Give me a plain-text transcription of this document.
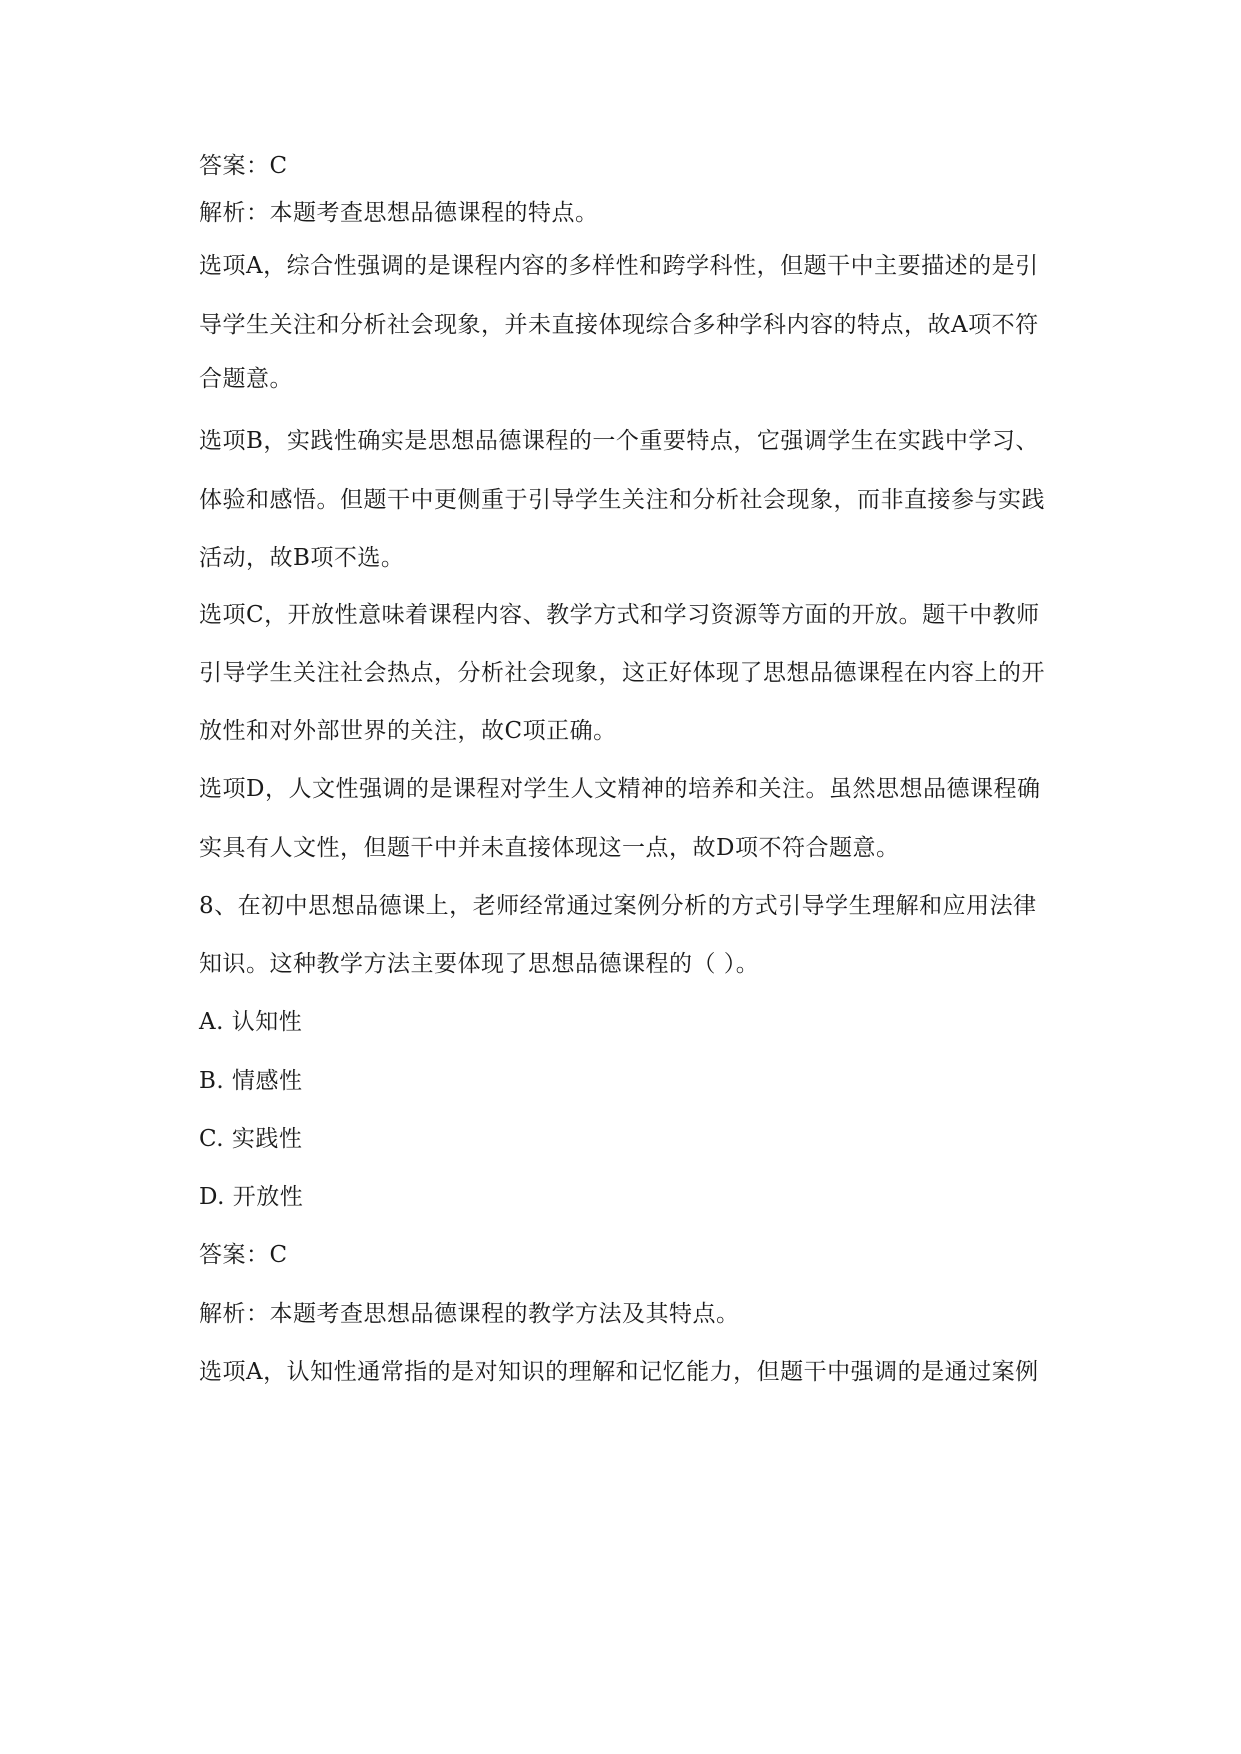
答案：C
解析：本题考查思想品德课程的特点。
选项A，综合性强调的是课程内容的多样性和跨学科性，但题干中主要描述的是引
导学生关注和分析社会现象，并未直接体现综合多种学科内容的特点，故A项不符
合题意。
选项B，实践性确实是思想品德课程的一个重要特点，它强调学生在实践中学习、
体验和感悟。但题干中更侧重于引导学生关注和分析社会现象，而非直接参与实践
活动，故B项不选。
选项C，开放性意味着课程内容、教学方式和学习资源等方面的开放。题干中教师
引导学生关注社会热点，分析社会现象，这正好体现了思想品德课程在内容上的开
放性和对外部世界的关注，故C项正确。
选项D，人文性强调的是课程对学生人文精神的培养和关注。虽然思想品德课程确
实具有人文性，但题干中并未直接体现这一点，故D项不符合题意。
8、在初中思想品德课上，老师经常通过案例分析的方式引导学生理解和应用法律
知识。这种教学方法主要体现了思想品德课程的（ ）。
A. 认知性
B. 情感性
C. 实践性
D. 开放性
答案：C
解析：本题考查思想品德课程的教学方法及其特点。
选项A，认知性通常指的是对知识的理解和记忆能力，但题干中强调的是通过案例
